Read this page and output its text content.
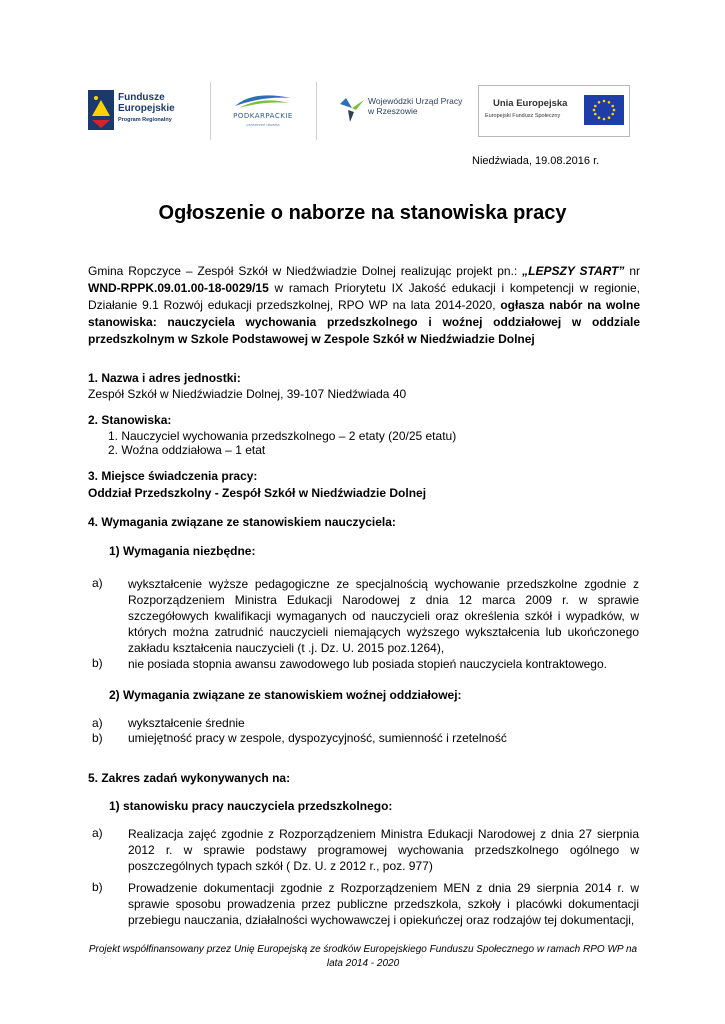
Fundusze
Europejskie
Program Regionalny	PODKARPACKIE
przestrzeń otwarta
Wojewódzki Urząd Pracy
w Rzeszowie
Unia Europejska
Europejski Fundusz Społeczny
Niedźwiada, 19.08.2016 r.
Ogłoszenie o naborze na stanowiska pracy
Gmina Ropczyce – Zespół Szkół w Niedźwiadzie Dolnej realizując projekt pn.: „LEPSZY START” nr WND-RPPK.09.01.00-18-0029/15 w ramach Priorytetu IX Jakość edukacji i kompetencji w regionie, Działanie 9.1 Rozwój edukacji przedszkolnej, RPO WP na lata 2014-2020, ogłasza nabór na wolne stanowiska: nauczyciela wychowania przedszkolnego i woźnej oddziałowej w oddziale przedszkolnym w Szkole Podstawowej w Zespole Szkół w Niedźwiadzie Dolnej
1. Nazwa i adres jednostki:
Zespół Szkół w Niedźwiadzie Dolnej, 39-107 Niedźwiada 40
2. Stanowiska:
1. Nauczyciel wychowania przedszkolnego – 2 etaty (20/25 etatu)
2. Woźna oddziałowa – 1 etat
3. Miejsce świadczenia pracy:
Oddział Przedszkolny - Zespół Szkół w Niedźwiadzie Dolnej
4. Wymagania związane ze stanowiskiem nauczyciela:
1) Wymagania niezbędne:
a) wykształcenie wyższe pedagogiczne ze specjalnością wychowanie przedszkolne zgodnie z Rozporządzeniem Ministra Edukacji Narodowej z dnia 12 marca 2009 r. w sprawie szczegółowych kwalifikacji wymaganych od nauczycieli oraz określenia szkół i wypadków, w których można zatrudnić nauczycieli niemających wyższego wykształcenia lub ukończonego zakładu kształcenia nauczycieli (t .j. Dz. U. 2015 poz.1264),
b) nie posiada stopnia awansu zawodowego lub posiada stopień nauczyciela kontraktowego.
2) Wymagania związane ze stanowiskiem woźnej oddziałowej:
a) wykształcenie średnie
b) umiejętność pracy w zespole, dyspozycyjność, sumienność i rzetelność
5. Zakres zadań wykonywanych na:
1) stanowisku pracy nauczyciela przedszkolnego:
a) Realizacja zajęć zgodnie z Rozporządzeniem Ministra Edukacji Narodowej z dnia 27 sierpnia 2012 r. w sprawie podstawy programowej wychowania przedszkolnego ogólnego w poszczególnych typach szkół ( Dz. U. z 2012 r., poz. 977)
b) Prowadzenie dokumentacji zgodnie z Rozporządzeniem MEN z dnia 29 sierpnia 2014 r. w sprawie sposobu prowadzenia przez publiczne przedszkola, szkoły i placówki dokumentacji przebiegu nauczania, działalności wychowawczej i opiekuńczej oraz rodzajów tej dokumentacji,
Projekt współfinansowany przez Unię Europejską ze środków Europejskiego Funduszu Społecznego w ramach RPO WP na lata 2014 - 2020
